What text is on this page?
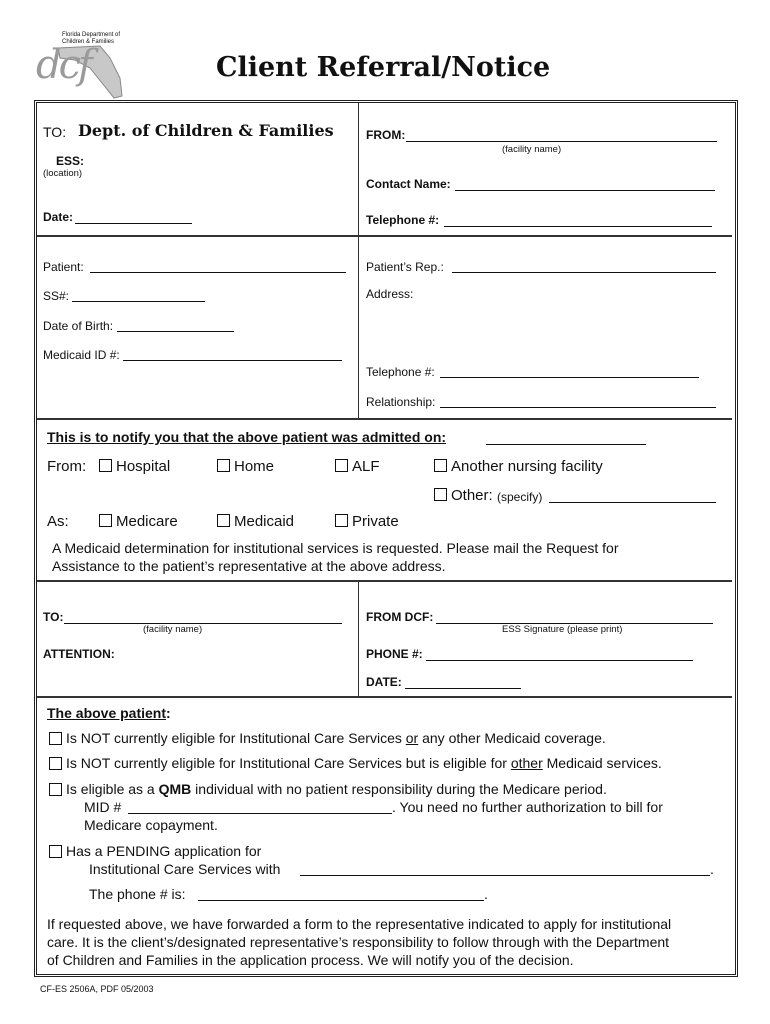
dcf
Florida Department of
Children & Families
Client Referral/Notice
TO: Dept. of Children & Families
ESS:
(location)
Date:
FROM:
(facility name)
Contact Name:
Telephone #:
Patient:
SS#:
Date of Birth:
Medicaid ID #:
Patient’s Rep.:
Address:
Telephone #:
Relationship:
This is to notify you that the above patient was admitted on:
From: Hospital	Home	ALF	Another nursing facility
Other: (specify)
As:	Medicare	Medicaid	Private
A Medicaid determination for institutional services is requested. Please mail the Request for
Assistance to the patient’s representative at the above address.
TO:
(facility name)
ATTENTION:
FROM DCF:
ESS Signature (please print)
PHONE #:
DATE:
The above patient:
Is NOT currently eligible for Institutional Care Services or any other Medicaid coverage.
Is NOT currently eligible for Institutional Care Services but is eligible for other Medicaid services.
Is eligible as a QMB individual with no patient responsibility during the Medicare period.
MID #	. You need no further authorization to bill for
Medicare copayment.
Has a PENDING application for
Institutional Care Services with	.
The phone # is:	.
If requested above, we have forwarded a form to the representative indicated to apply for institutional
care. It is the client’s/designated representative’s responsibility to follow through with the Department
of Children and Families in the application process. We will notify you of the decision.
CF-ES 2506A, PDF 05/2003
